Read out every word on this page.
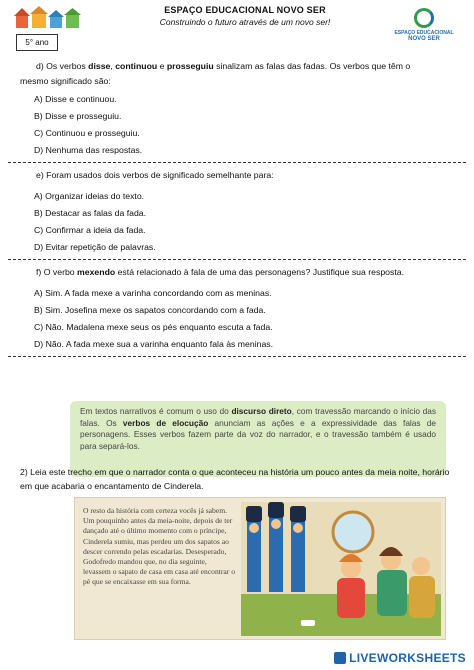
5° ano
ESPAÇO EDUCACIONAL NOVO SER
Construindo o futuro através de um novo ser!
ESPAÇO EDUCACIONAL
NOVO SER
d) Os verbos disse, continuou e prosseguiu sinalizam as falas das fadas. Os verbos que têm o
mesmo significado são:
A) Disse e continuou.
B) Disse e prosseguiu.
C) Continuou e prosseguiu.
D) Nenhuma das respostas.
e) Foram usados dois verbos de significado semelhante para:
A) Organizar ideias do texto.
B) Destacar as falas da fada.
C) Confirmar a ideia da fada.
D) Evitar repetição de palavras.
f) O verbo mexendo está relacionado à fala de uma das personagens? Justifique sua resposta.
A) Sim. A fada mexe a varinha concordando com as meninas.
B) Sim. Josefina mexe os sapatos concordando com a fada.
C) Não. Madalena mexe seus os pés enquanto escuta a fada.
D) Não. A fada mexe sua a varinha enquanto fala às meninas.
Em textos narrativos é comum o uso do discurso direto, com travessão marcando o início das falas. Os verbos de elocução anunciam as ações e a expressividade das falas de personagens. Esses verbos fazem parte da voz do narrador, e o travessão também é usado para separá-los.
2) Leia este trecho em que o narrador conta o que aconteceu na história um pouco antes da meia noite, horário em que acabaria o encantamento de Cinderela.
O resto da história com certeza vocês já sabem. Um pouquinho antes da meia-noite, depois de ter dançado até o último momento com o príncipe, Cinderela sumiu, mas perdeu um dos sapatos ao descer correndo pelas escadarias. Desesperado, Godofredo mandou que, no dia seguinte, levassem o sapato de casa em casa até encontrar o pé que se encaixasse em sua forma.
LIVEWORKSHEETS
